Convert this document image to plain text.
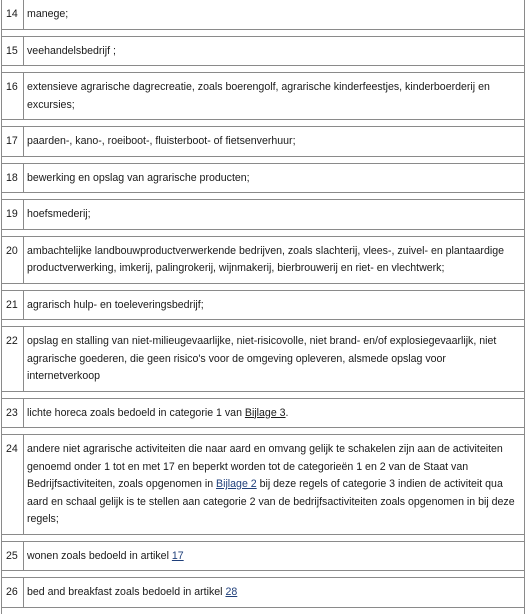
14 manege;
15 veehandelsbedrijf ;
16 extensieve agrarische dagrecreatie, zoals boerengolf, agrarische kinderfeestjes, kinderboerderij en excursies;
17 paarden-, kano-, roeiboot-, fluisterboot- of fietsenverhuur;
18 bewerking en opslag van agrarische producten;
19 hoefsmederij;
20 ambachtelijke landbouwproductverwerkende bedrijven, zoals slachterij, vlees-, zuivel- en plantaardige productverwerking, imkerij, palingrokerij, wijnmakerij, bierbrouwerij en riet- en vlechtwerk;
21 agrarisch hulp- en toeleveringsbedrijf;
22 opslag en stalling van niet-milieugevaarlijke, niet-risicovolle, niet brand- en/of explosiegevaarlijk, niet agrarische goederen, die geen risico's voor de omgeving opleveren, alsmede opslag voor internetverkoop
23 lichte horeca zoals bedoeld in categorie 1 van Bijlage 3.
24 andere niet agrarische activiteiten die naar aard en omvang gelijk te schakelen zijn aan de activiteiten genoemd onder 1 tot en met 17 en beperkt worden tot de categorieën 1 en 2 van de Staat van Bedrijfsactiviteiten, zoals opgenomen in Bijlage 2 bij deze regels of categorie 3 indien de activiteit qua aard en schaal gelijk is te stellen aan categorie 2 van de bedrijfsactiviteiten zoals opgenomen in bij deze regels;
25 wonen zoals bedoeld in artikel 17
26 bed and breakfast zoals bedoeld in artikel 28
